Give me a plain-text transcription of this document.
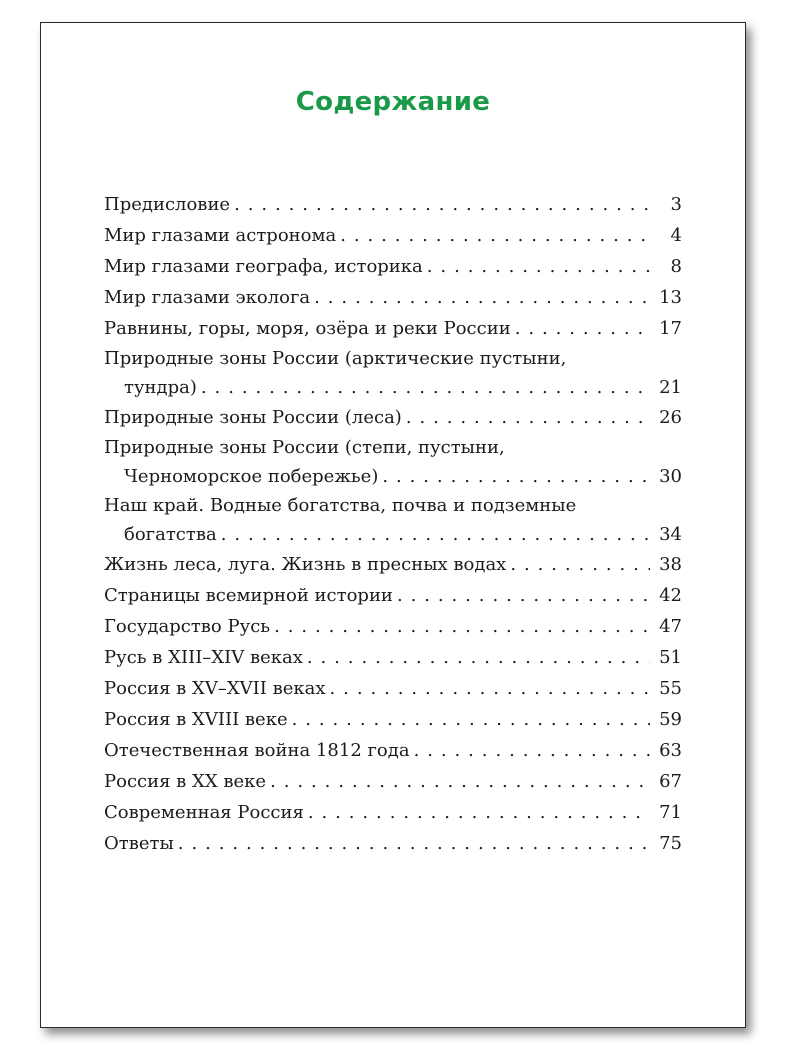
Содержание
Предисловие . . .	3
Мир глазами астронома . . .	4
Мир глазами географа, историка . . .	8
Мир глазами эколога . . .	13
Равнины, горы, моря, озёра и реки России . . .	17
Природные зоны России (арктические пустыни,
тундра) . . .	21
Природные зоны России (леса) . . .	26
Природные зоны России (степи, пустыни,
Черноморское побережье) . . .	30
Наш край. Водные богатства, почва и подземные
богатства . . .	34
Жизнь леса, луга. Жизнь в пресных водах . . .	38
Страницы всемирной истории . . .	42
Государство Русь . . .	47
Русь в XIII–XIV веках . . .	51
Россия в XV–XVII веках . . .	55
Россия в XVIII веке . . .	59
Отечественная война 1812 года . . .	63
Россия в XX веке . . .	67
Современная Россия . . .	71
Ответы . . .	75
